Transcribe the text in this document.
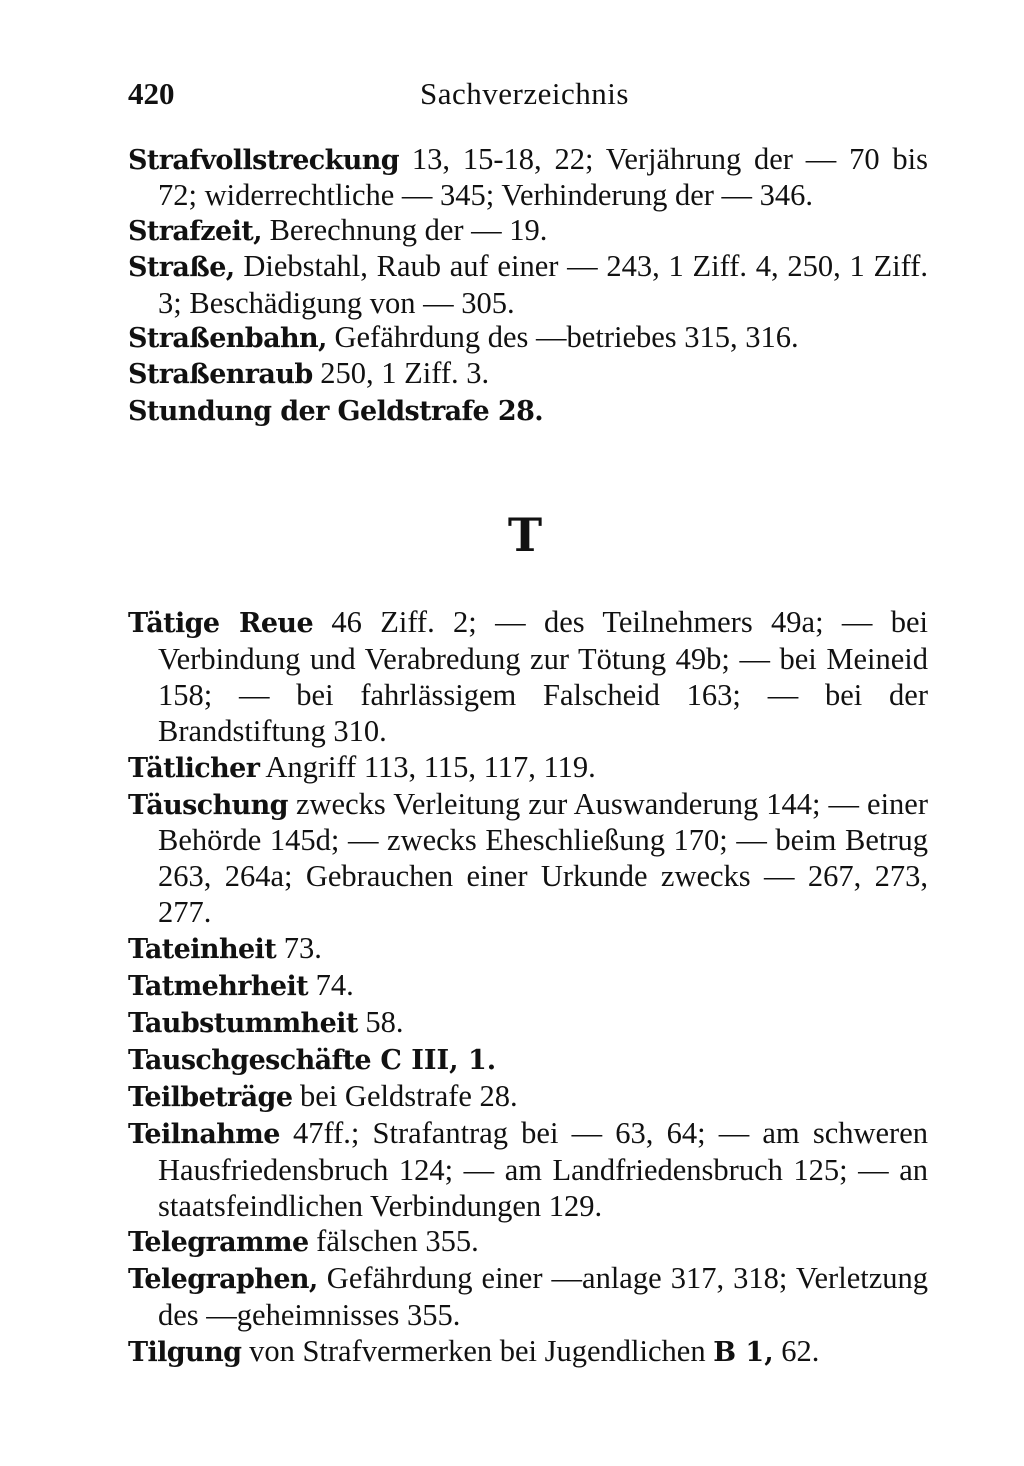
420	Sachverzeichnis
Strafvollstreckung 13, 15-18, 22; Verjährung der — 70 bis 72; widerrechtliche — 345; Verhinderung der — 346.
Strafzeit, Berechnung der — 19.
Straße, Diebstahl, Raub auf einer — 243, 1 Ziff. 4, 250, 1 Ziff. 3; Beschädigung von — 305.
Straßenbahn, Gefährdung des —betriebes 315, 316.
Straßenraub 250, 1 Ziff. 3.
Stundung der Geldstrafe 28.
T
Tätige Reue 46 Ziff. 2; — des Teilnehmers 49a; — bei Verbindung und Verabredung zur Tötung 49b; — bei Meineid 158; — bei fahrlässigem Falscheid 163; — bei der Brandstiftung 310.
Tätlicher Angriff 113, 115, 117, 119.
Täuschung zwecks Verleitung zur Auswanderung 144; — einer Behörde 145d; — zwecks Eheschließung 170; — beim Betrug 263, 264a; Gebrauchen einer Urkunde zwecks — 267, 273, 277.
Tateinheit 73.
Tatmehrheit 74.
Taubstummheit 58.
Tauschgeschäfte C III, 1.
Teilbeträge bei Geldstrafe 28.
Teilnahme 47ff.; Strafantrag bei — 63, 64; — am schweren Hausfriedensbruch 124; — am Landfriedensbruch 125; — an staatsfeindlichen Verbindungen 129.
Telegramme fälschen 355.
Telegraphen, Gefährdung einer —anlage 317, 318; Verletzung des —geheimnisses 355.
Tilgung von Strafvermerken bei Jugendlichen B 1, 62.
